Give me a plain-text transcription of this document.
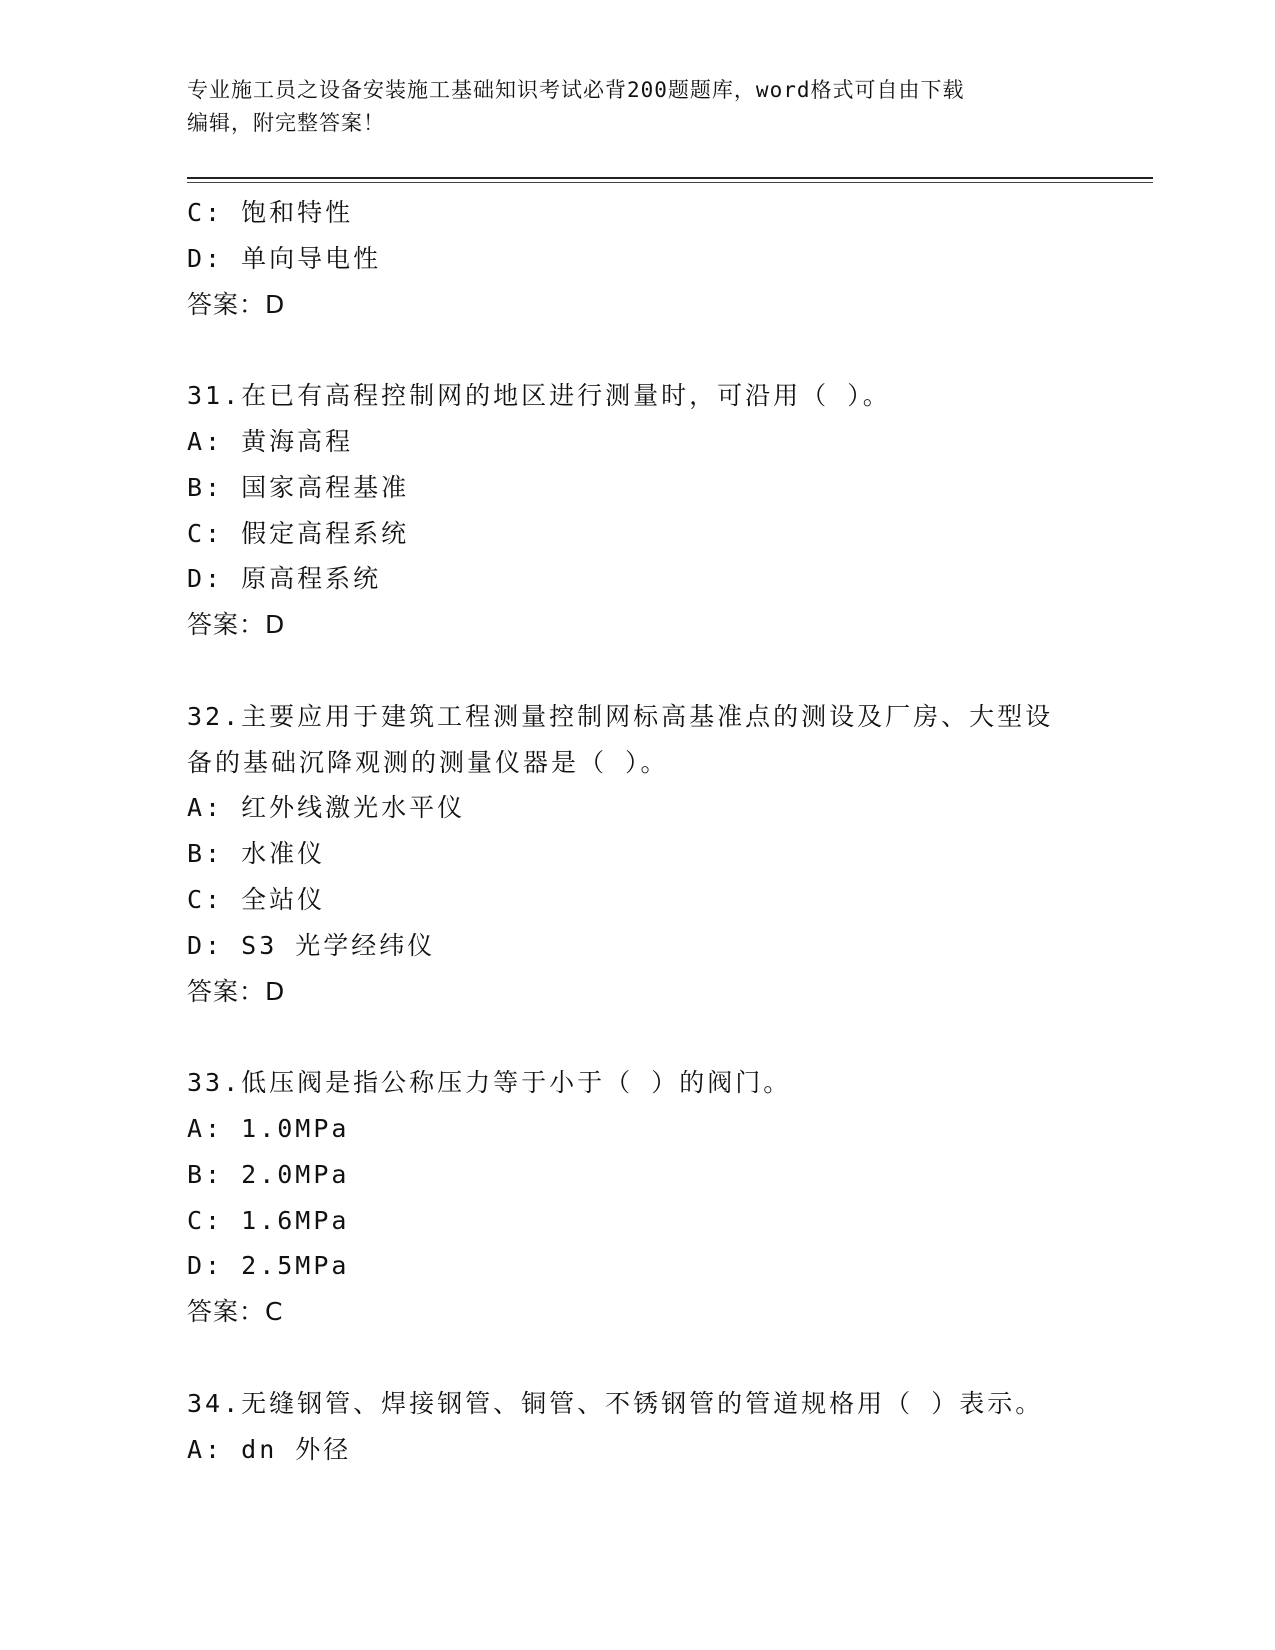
专业施工员之设备安装施工基础知识考试必背200题题库，word格式可自由下载
编辑，附完整答案！
C: 饱和特性
D: 单向导电性
答案：D
31.在已有高程控制网的地区进行测量时，可沿用（ ）。
A: 黄海高程
B: 国家高程基准
C: 假定高程系统
D: 原高程系统
答案：D
32.主要应用于建筑工程测量控制网标高基准点的测设及厂房、大型设
备的基础沉降观测的测量仪器是（ ）。
A: 红外线激光水平仪
B: 水准仪
C: 全站仪
D: S3 光学经纬仪
答案：D
33.低压阀是指公称压力等于小于（ ）的阀门。
A: 1.0MPa
B: 2.0MPa
C: 1.6MPa
D: 2.5MPa
答案：C
34.无缝钢管、焊接钢管、铜管、不锈钢管的管道规格用（ ）表示。
A: dn 外径
